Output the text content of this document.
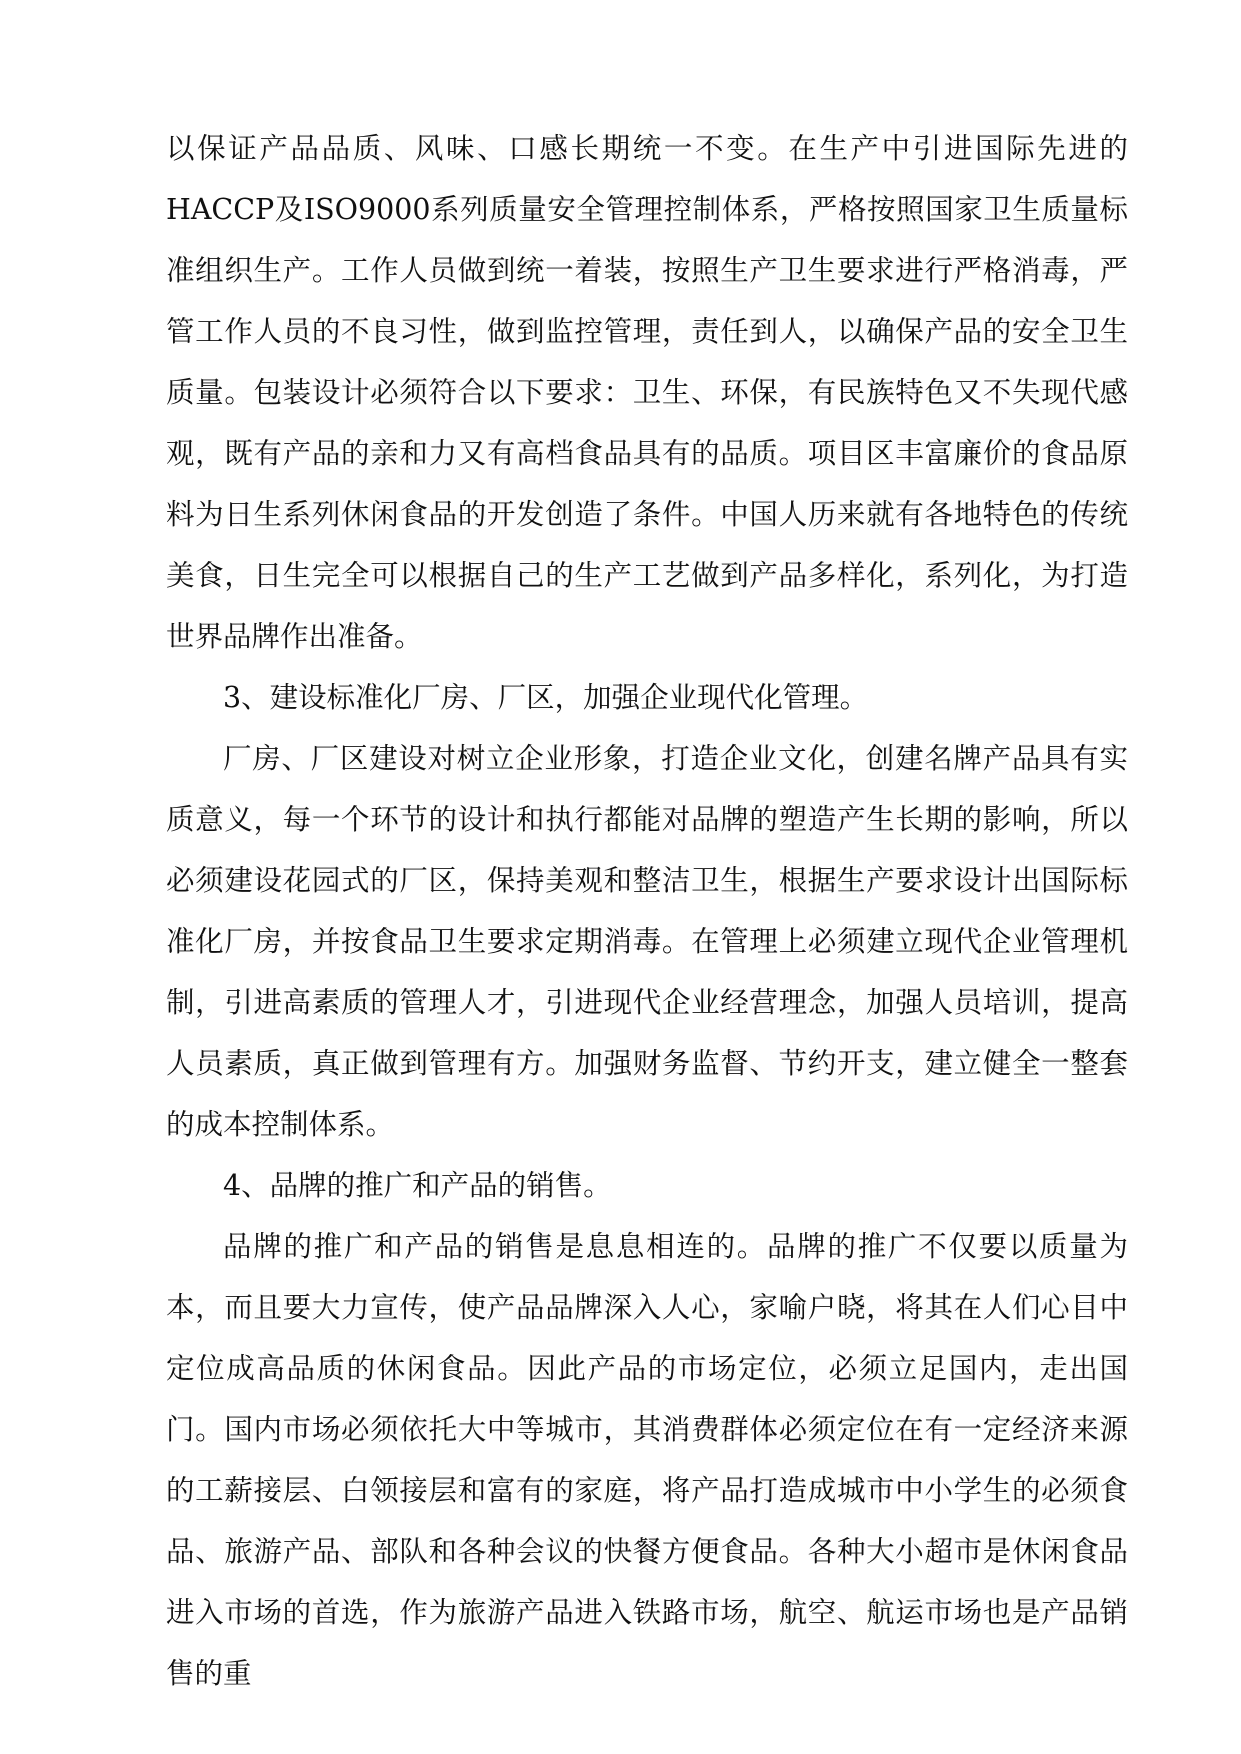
以保证产品品质、风味、口感长期统一不变。在生产中引进国际先进的HACCP及ISO9000系列质量安全管理控制体系，严格按照国家卫生质量标准组织生产。工作人员做到统一着装，按照生产卫生要求进行严格消毒，严管工作人员的不良习性，做到监控管理，责任到人，以确保产品的安全卫生质量。包装设计必须符合以下要求：卫生、环保，有民族特色又不失现代感观，既有产品的亲和力又有高档食品具有的品质。项目区丰富廉价的食品原料为日生系列休闲食品的开发创造了条件。中国人历来就有各地特色的传统美食，日生完全可以根据自己的生产工艺做到产品多样化，系列化，为打造世界品牌作出准备。

3、建设标准化厂房、厂区，加强企业现代化管理。

厂房、厂区建设对树立企业形象，打造企业文化，创建名牌产品具有实质意义，每一个环节的设计和执行都能对品牌的塑造产生长期的影响，所以必须建设花园式的厂区，保持美观和整洁卫生，根据生产要求设计出国际标准化厂房，并按食品卫生要求定期消毒。在管理上必须建立现代企业管理机制，引进高素质的管理人才，引进现代企业经营理念，加强人员培训，提高人员素质，真正做到管理有方。加强财务监督、节约开支，建立健全一整套的成本控制体系。

4、品牌的推广和产品的销售。

品牌的推广和产品的销售是息息相连的。品牌的推广不仅要以质量为本，而且要大力宣传，使产品品牌深入人心，家喻户晓，将其在人们心目中定位成高品质的休闲食品。因此产品的市场定位，必须立足国内，走出国门。国内市场必须依托大中等城市，其消费群体必须定位在有一定经济来源的工薪接层、白领接层和富有的家庭，将产品打造成城市中小学生的必须食品、旅游产品、部队和各种会议的快餐方便食品。各种大小超市是休闲食品进入市场的首选，作为旅游产品进入铁路市场，航空、航运市场也是产品销售的重
